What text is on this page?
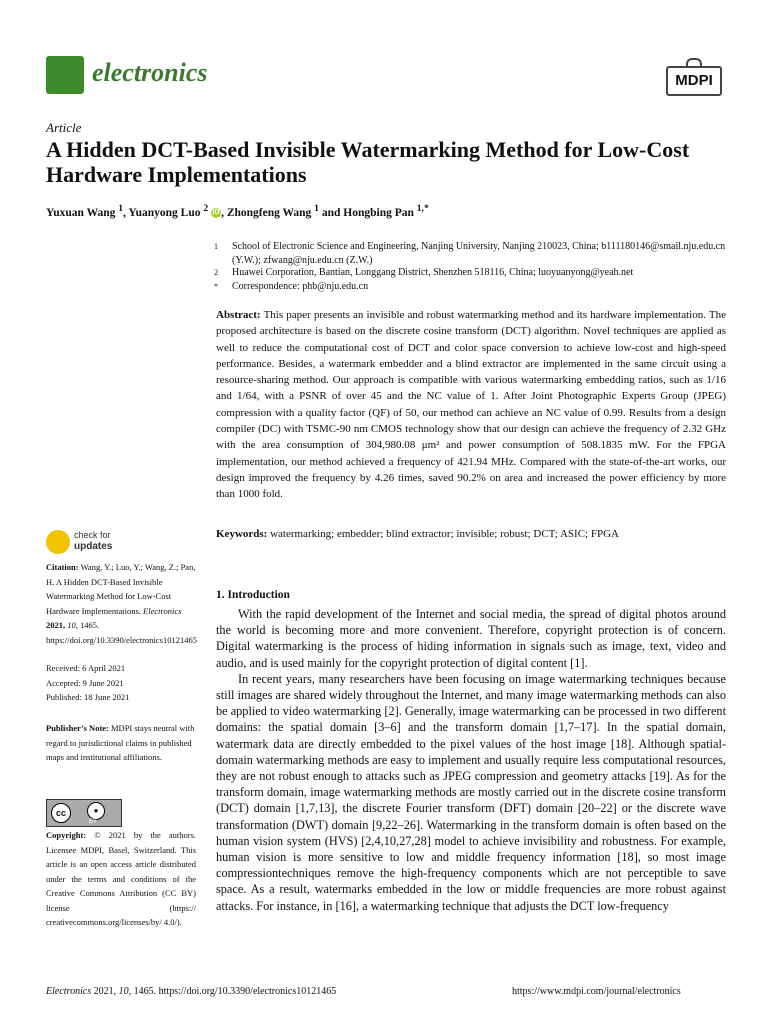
electronics	MDPI
Article
A Hidden DCT-Based Invisible Watermarking Method for Low-Cost Hardware Implementations
Yuxuan Wang $^1$, Yuanyong Luo $^2$ iD , Zhongfeng Wang $^1$ and Hongbing Pan $^{1,*}$
1	School of Electronic Science and Engineering, Nanjing University, Nanjing 210023, China; b111180146@smail.nju.edu.cn (Y.W.); zfwang@nju.edu.cn (Z.W.)
2	Huawei Corporation, Bantian, Longgang District, Shenzhen 518116, China; luoyuanyong@yeah.net
*	Correspondence: phb@nju.edu.cn
Abstract: This paper presents an invisible and robust watermarking method and its hardware implementation. The proposed architecture is based on the discrete cosine transform (DCT) algorithm. Novel techniques are applied as well to reduce the computational cost of DCT and color space conversion to achieve low-cost and high-speed performance. Besides, a watermark embedder and a blind extractor are implemented in the same circuit using a resource-sharing method. Our approach is compatible with various watermarking embedding ratios, such as 1/16 and 1/64, with a PSNR of over 45 and the NC value of 1. After Joint Photographic Experts Group (JPEG) compression with a quality factor (QF) of 50, our method can achieve an NC value of 0.99. Results from a design compiler (DC) with TSMC-90 nm CMOS technology show that our design can achieve the frequency of 2.32 GHz with the area consumption of 304,980.08 μm² and power consumption of 508.1835 mW. For the FPGA implementation, our method achieved a frequency of 421.94 MHz. Compared with the state-of-the-art works, our design improved the frequency by 4.26 times, saved 90.2% on area and increased the power efficiency by more than 1000 fold.
Keywords: watermarking; embedder; blind extractor; invisible; robust; DCT; ASIC; FPGA
check for
updates
Citation: Wang, Y.; Luo, Y.; Wang, Z.; Pan, H. A Hidden DCT-Based Invisible Watermarking Method for Low-Cost Hardware Implementations. Electronics 2021, 10, 1465. https://doi.org/10.3390/electronics10121465
Received: 6 April 2021
Accepted: 9 June 2021
Published: 18 June 2021
Publisher’s Note: MDPI stays neutral with regard to jurisdictional claims in published maps and institutional affiliations.
cc	●
BY
Copyright: © 2021 by the authors. Licensee MDPI, Basel, Switzerland. This article is an open access article distributed under the terms and conditions of the Creative Commons Attribution (CC BY) license (https:// creativecommons.org/licenses/by/ 4.0/).
1. Introduction

With the rapid development of the Internet and social media, the spread of digital photos around the world is becoming more and more convenient. Therefore, copyright protection is of concern. Digital watermarking is the process of hiding information in signals such as image, text, video and audio, and is used mainly for the copyright protection of digital content [1].

In recent years, many researchers have been focusing on image watermarking techniques because still images are shared widely throughout the Internet, and many image watermarking methods can also be applied to video watermarking [2]. Generally, image watermarking can be processed in two different domains: the spatial domain [3–6] and the transform domain [1,7–17]. In the spatial domain, watermark data are directly embedded to the pixel values of the host image [18]. Although spatial-domain watermarking methods are easy to implement and usually require less computational resources, they are not robust enough to attacks such as JPEG compression and geometry attacks [19]. As for the transform domain, image watermarking methods are mostly carried out in the discrete cosine transform (DCT) domain [1,7,13], the discrete Fourier transform (DFT) domain [20–22] or the discrete wave transformation (DWT) domain [9,22–26]. Watermarking in the transform domain is often based on the human vision system (HVS) [2,4,10,27,28] model to achieve invisibility and robustness. For example, human vision is more sensitive to low and middle frequency information [18], so most image compressiontechniques remove the high-frequency components which are not perceptible to save space. As a result, watermarks embedded in the low or middle frequencies are more robust against attacks. For instance, in [16], a watermarking technique that adjusts the DCT low-frequency

Electronics 2021, 10, 1465. https://doi.org/10.3390/electronics10121465	https://www.mdpi.com/journal/electronics
